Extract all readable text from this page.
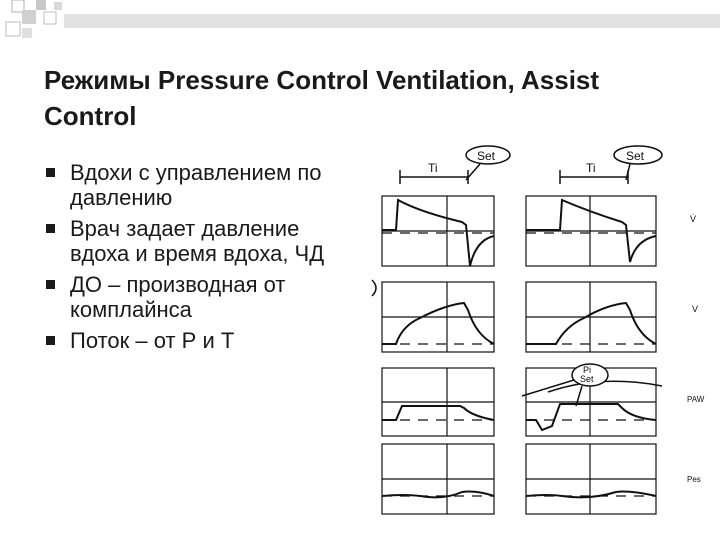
Режимы Pressure Control Ventilation, Assist Control
Вдохи с управлением по давлению
Врач задает давление вдоха и время вдоха, ЧД
ДО – производная от комплайнса
Поток – от Р и Т
Ti	Ti
Set	Set
Pi
Set
V̇
V
PAW
Pes
